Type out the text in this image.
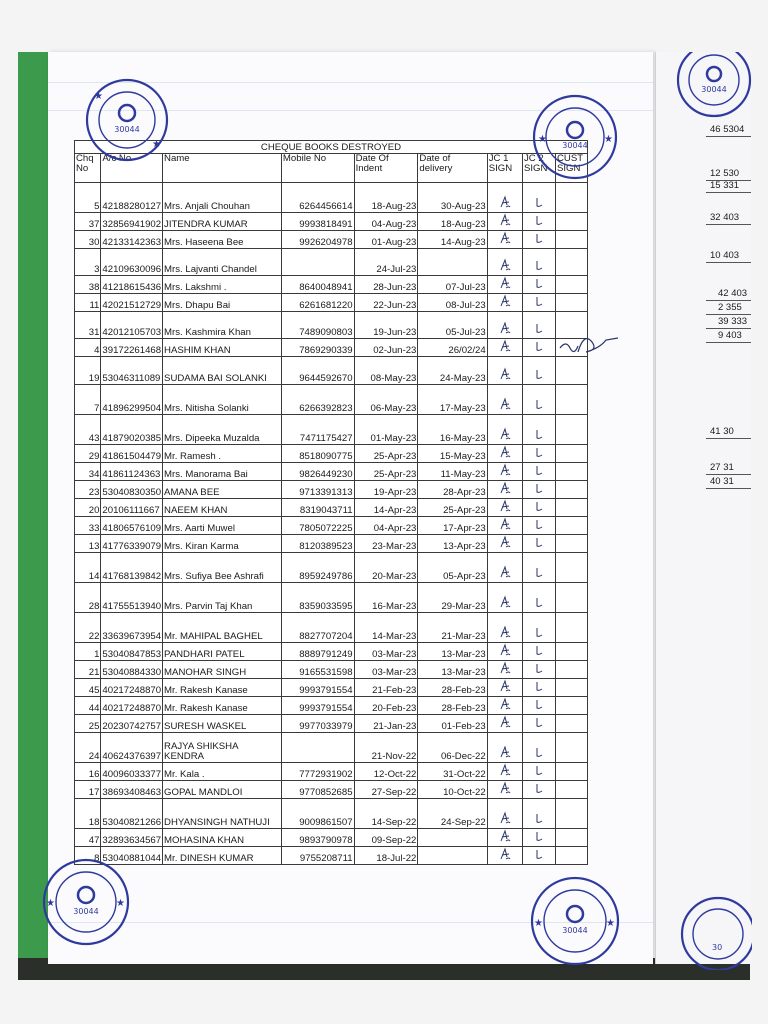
46 5304
12 530
15 331
32 403
10 403
42 403
2 355
39 333
9 403
41 30
27 31
40 31
CHEQUE BOOKS DESTROYED								
Chq No	A/c No	Name	Mobile No	Date Of Indent	Date of delivery	JC 1 SIGN	JC 2 SIGN	CUST SIGN
5	42188280127	Mrs. Anjali Chouhan	6264456614	18-Aug-23	30-Aug-23			
37	32856941902	JITENDRA KUMAR	9993818491	04-Aug-23	18-Aug-23			
30	42133142363	Mrs. Haseena Bee	9926204978	01-Aug-23	14-Aug-23			
3	42109630096	Mrs. Lajvanti Chandel		24-Jul-23				
38	41218615436	Mrs. Lakshmi .	8640048941	28-Jun-23	07-Jul-23			
11	42021512729	Mrs. Dhapu Bai	6261681220	22-Jun-23	08-Jul-23			
31	42012105703	Mrs. Kashmira Khan	7489090803	19-Jun-23	05-Jul-23			
4	39172261468	HASHIM KHAN	7869290339	02-Jun-23	26/02/24			
19	53046311089	SUDAMA BAI SOLANKI	9644592670	08-May-23	24-May-23			
7	41896299504	Mrs. Nitisha Solanki	6266392823	06-May-23	17-May-23			
43	41879020385	Mrs. Dipeeka Muzalda	7471175427	01-May-23	16-May-23			
29	41861504479	Mr. Ramesh .	8518090775	25-Apr-23	15-May-23			
34	41861124363	Mrs. Manorama Bai	9826449230	25-Apr-23	11-May-23			
23	53040830350	AMANA BEE	9713391313	19-Apr-23	28-Apr-23			
20	20106111667	NAEEM KHAN	8319043711	14-Apr-23	25-Apr-23			
33	41806576109	Mrs. Aarti Muwel	7805072225	04-Apr-23	17-Apr-23			
13	41776339079	Mrs. Kiran Karma	8120389523	23-Mar-23	13-Apr-23			
14	41768139842	Mrs. Sufiya Bee Ashrafi	8959249786	20-Mar-23	05-Apr-23			
28	41755513940	Mrs. Parvin Taj Khan	8359033595	16-Mar-23	29-Mar-23			
22	33639673954	Mr. MAHIPAL BAGHEL	8827707204	14-Mar-23	21-Mar-23			
1	53040847853	PANDHARI PATEL	8889791249	03-Mar-23	13-Mar-23			
21	53040884330	MANOHAR SINGH	9165531598	03-Mar-23	13-Mar-23			
45	40217248870	Mr. Rakesh Kanase	9993791554	21-Feb-23	28-Feb-23			
44	40217248870	Mr. Rakesh Kanase	9993791554	20-Feb-23	28-Feb-23			
25	20230742757	SURESH WASKEL	9977033979	21-Jan-23	01-Feb-23			
24	40624376397	RAJYA SHIKSHA KENDRA		21-Nov-22	06-Dec-22			
16	40096033377	Mr. Kala .	7772931902	12-Oct-22	31-Oct-22			
17	38693408463	GOPAL MANDLOI	9770852685	27-Sep-22	10-Oct-22			
18	53040821266	DHYANSINGH NATHUJI	9009861507	14-Sep-22	24-Sep-22			
47	32893634567	MOHASINA KHAN	9893790978	09-Sep-22				
8	53040881044	Mr. DINESH KUMAR	9755208711	18-Jul-22				
30044
★
★	30044
★	★
30044
★	★
30044
★	★
30044
30
